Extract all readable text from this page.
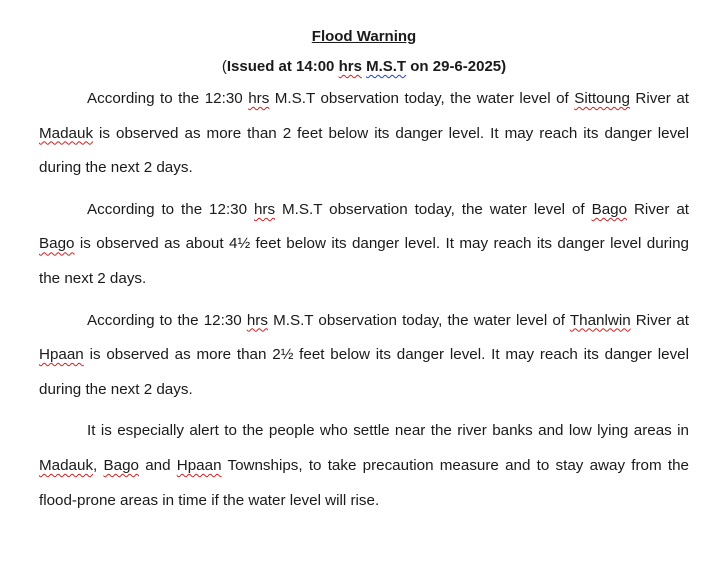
Flood Warning
(Issued at 14:00 hrs M.S.T on 29-6-2025)

According to the 12:30 hrs M.S.T observation today, the water level of Sittoung River at Madauk is observed as more than 2 feet below its danger level. It may reach its danger level during the next 2 days.

According to the 12:30 hrs M.S.T observation today, the water level of Bago River at Bago is observed as about 4½ feet below its danger level. It may reach its danger level during the next 2 days.

According to the 12:30 hrs M.S.T observation today, the water level of Thanlwin River at Hpaan is observed as more than 2½ feet below its danger level. It may reach its danger level during the next 2 days.

It is especially alert to the people who settle near the river banks and low lying areas in Madauk, Bago and Hpaan Townships, to take precaution measure and to stay away from the flood-prone areas in time if the water level will rise.
